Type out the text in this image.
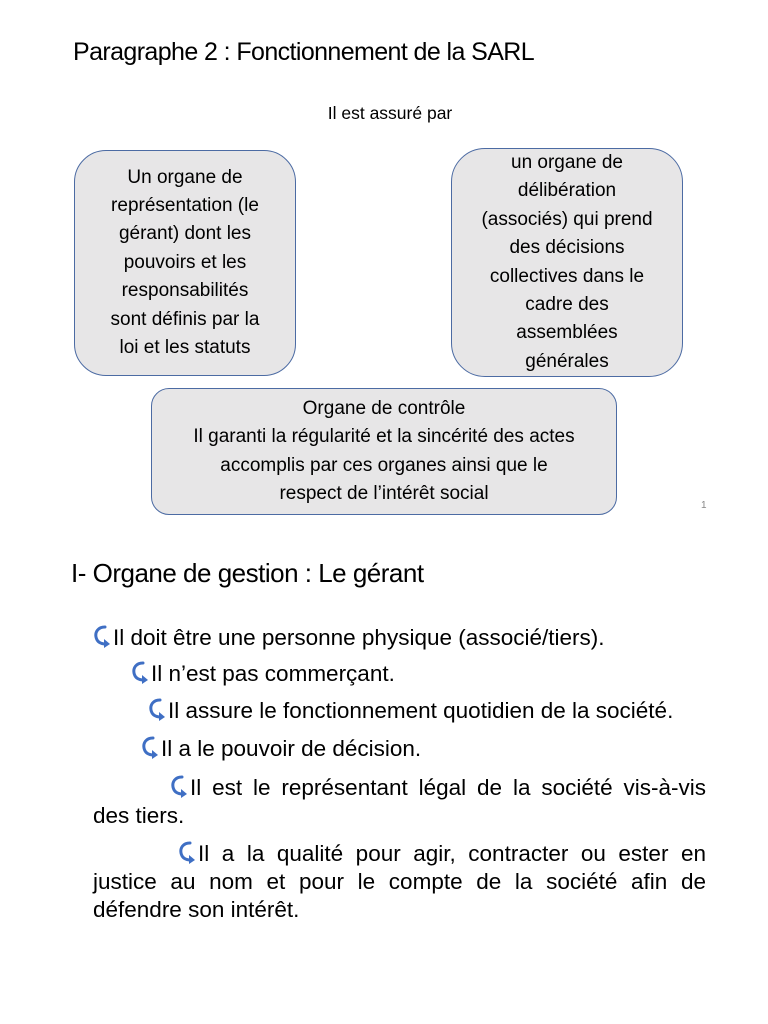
Paragraphe 2 : Fonctionnement de la SARL
Il est assuré par
Un organe de
représentation (le
gérant) dont les
pouvoirs et les
responsabilités
sont définis par la
loi et les statuts
un organe de
délibération
(associés) qui prend
des décisions
collectives dans le
cadre des
assemblées
générales
Organe de contrôle
Il garanti la régularité et la sincérité des actes
accomplis par ces organes ainsi que le
respect de l’intérêt social
1
I- Organe de gestion : Le gérant

Il doit être une personne physique (associé/tiers).

Il n’est pas commerçant.

Il assure le fonctionnement quotidien de la société.

Il a le pouvoir de décision.

Il est le représentant légal de la société vis-à-vis des tiers.

Il a la qualité pour agir, contracter ou ester en justice au nom et pour le compte de la société afin de défendre son intérêt.
